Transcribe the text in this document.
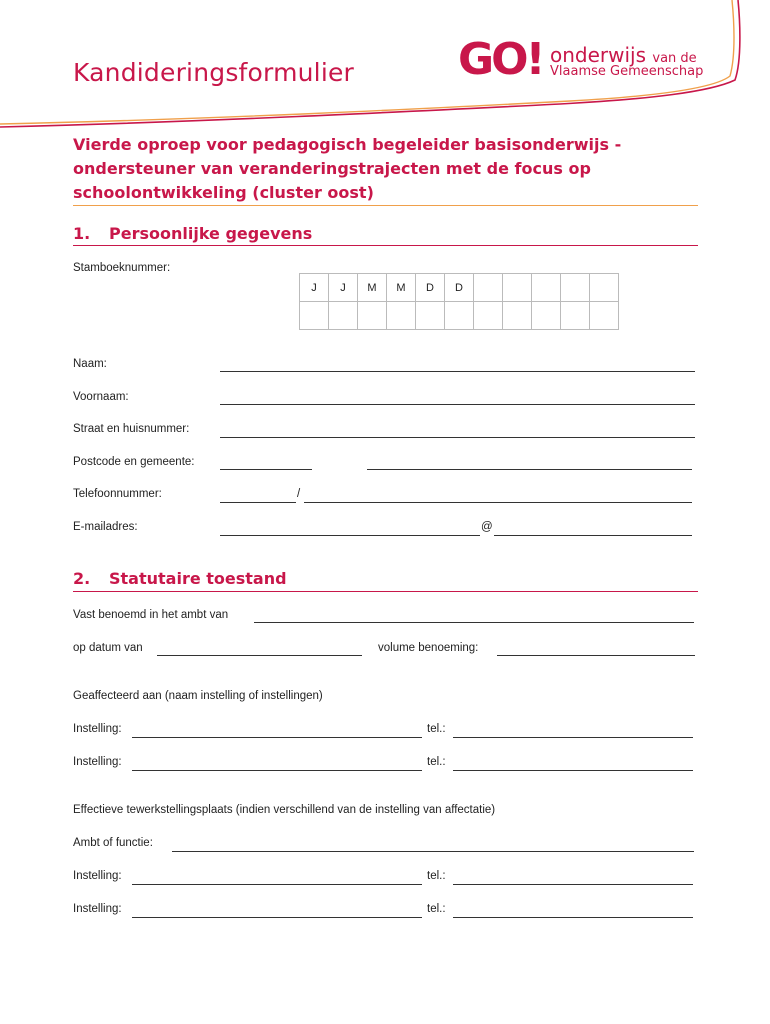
Kandideringsformulier GO! onderwijs van de
Vlaamse Gemeenschap
Vierde oproep voor pedagogisch begeleider basisonderwijs - ondersteuner van veranderingstrajecten met de focus op schoolontwikkeling (cluster oost)
1. Persoonlijke gegevens
Stamboeknummer:
J	J	M	M	D	D					

Naam:
Voornaam:
Straat en huisnummer:
Postcode en gemeente:
Telefoonnummer:	/
E-mailadres:	@
2. Statutaire toestand
Vast benoemd in het ambt van
op datum van	volume benoeming:
Geaffecteerd aan (naam instelling of instellingen)
Instelling:	tel.:
Instelling:	tel.:
Effectieve tewerkstellingsplaats (indien verschillend van de instelling van affectatie)
Ambt of functie:
Instelling:	tel.:
Instelling:	tel.:
